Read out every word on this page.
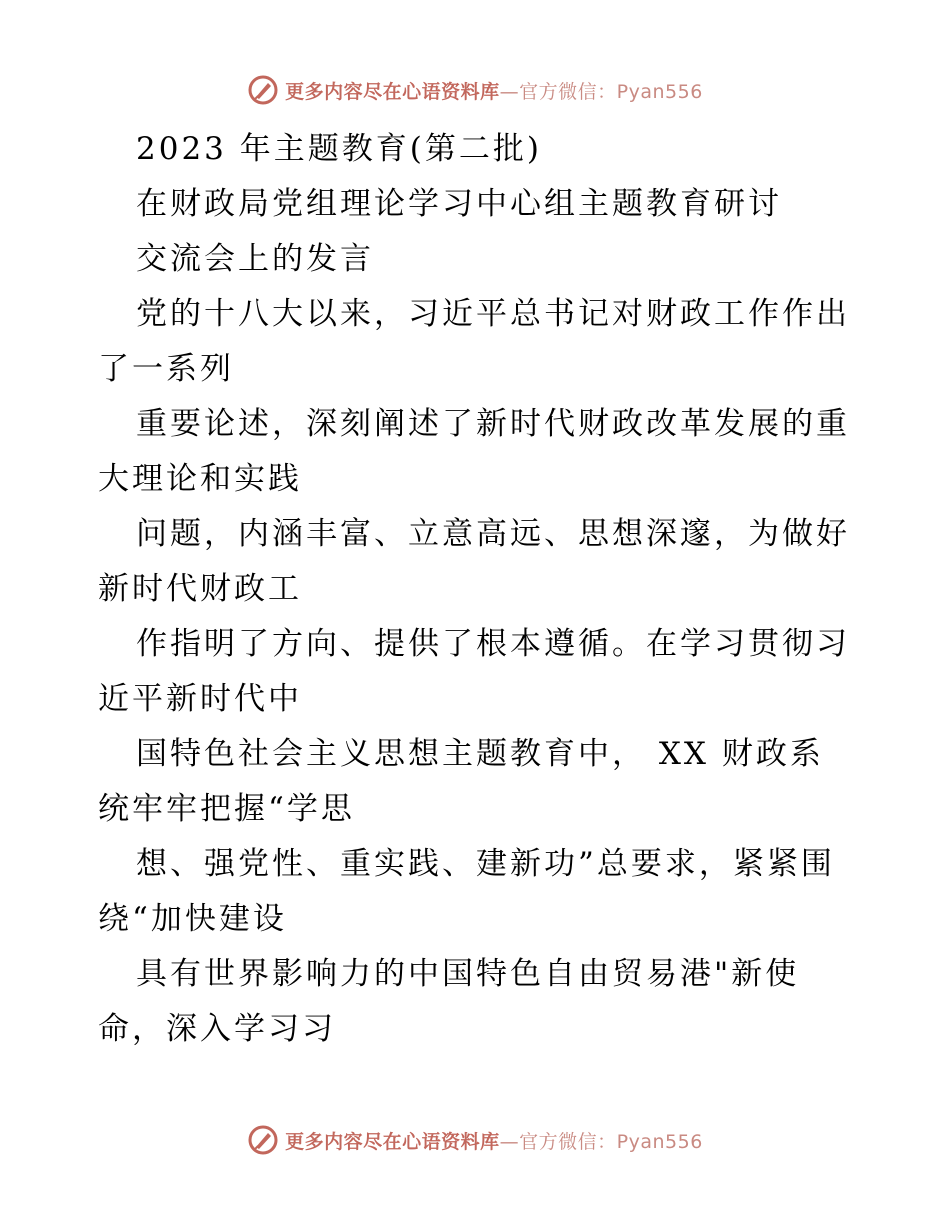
更多内容尽在心语资料库—官方微信：Pyan556
2023 年主题教育(第二批)
在财政局党组理论学习中心组主题教育研讨
交流会上的发言
党的十八大以来，习近平总书记对财政工作作出
了一系列
重要论述，深刻阐述了新时代财政改革发展的重
大理论和实践
问题，内涵丰富、立意高远、思想深邃，为做好
新时代财政工
作指明了方向、提供了根本遵循。在学习贯彻习
近平新时代中
国特色社会主义思想主题教育中， XX 财政系
统牢牢把握“学思
想、强党性、重实践、建新功”总要求，紧紧围
绕“加快建设
具有世界影响力的中国特色自由贸易港"新使
命，深入学习习
更多内容尽在心语资料库—官方微信：Pyan556
